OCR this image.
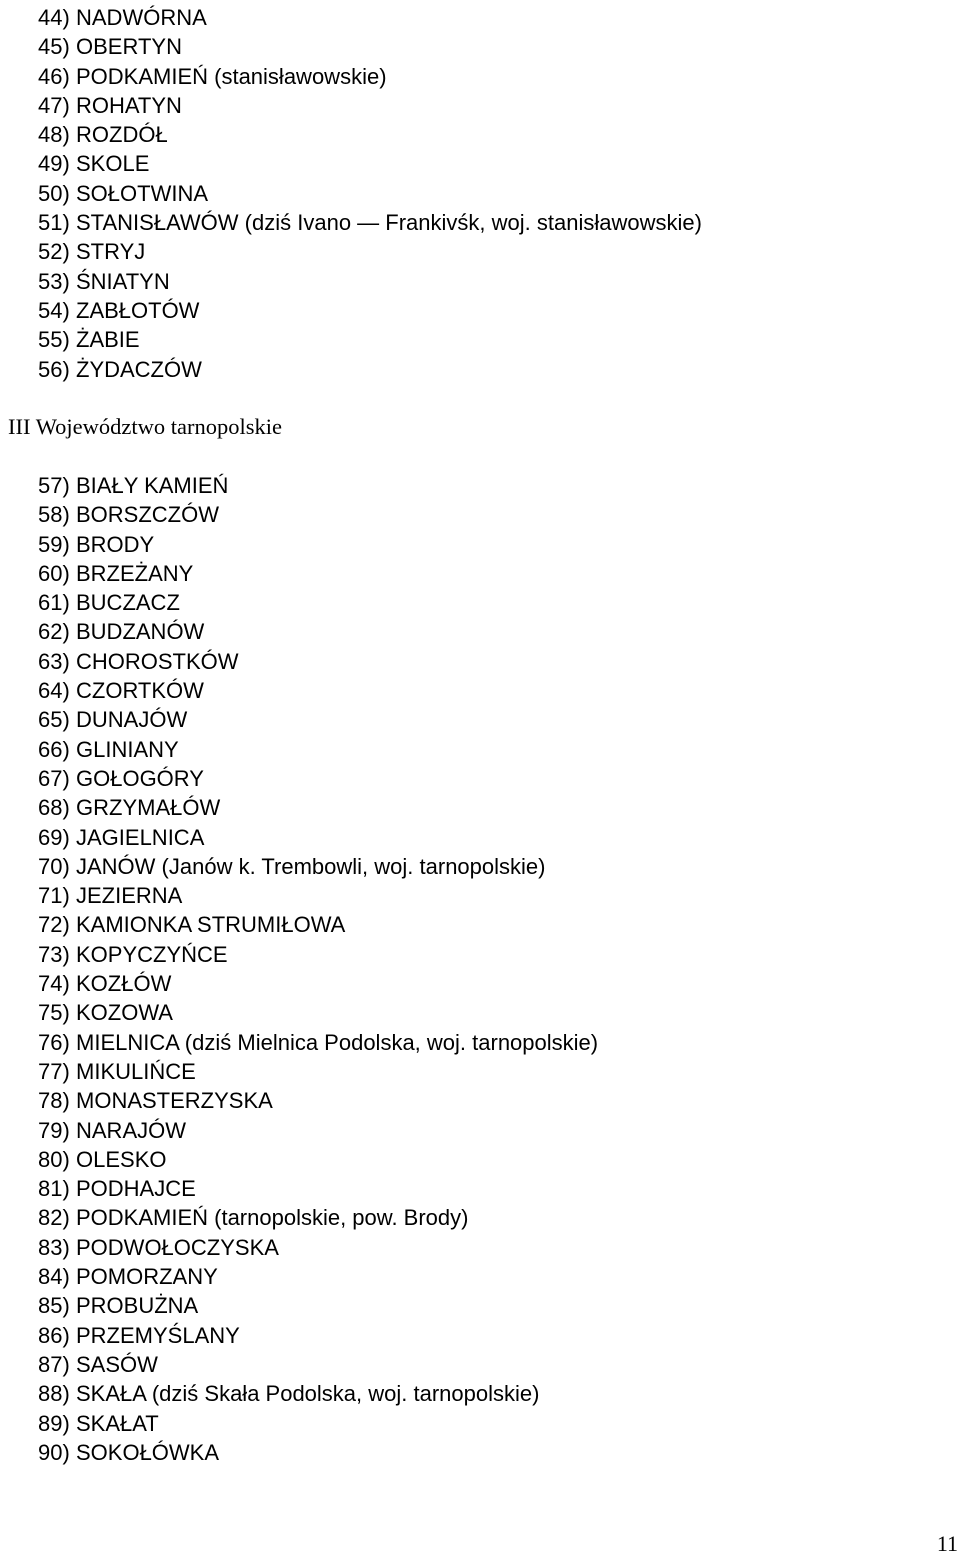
44) NADWÓRNA
45) OBERTYN
46) PODKAMIEŃ (stanisławowskie)
47) ROHATYN
48) ROZDÓŁ
49) SKOLE
50) SOŁOTWINA
51) STANISŁAWÓW (dziś Ivano — Frankivśk, woj. stanisławowskie)
52) STRYJ
53) ŚNIATYN
54) ZABŁOTÓW
55) ŻABIE
56) ŻYDACZÓW
III Województwo tarnopolskie
57) BIAŁY KAMIEŃ
58) BORSZCZÓW
59) BRODY
60) BRZEŻANY
61) BUCZACZ
62) BUDZANÓW
63) CHOROSTKÓW
64) CZORTKÓW
65) DUNAJÓW
66) GLINIANY
67) GOŁOGÓRY
68) GRZYMAŁÓW
69) JAGIELNICA
70) JANÓW (Janów k. Trembowli, woj. tarnopolskie)
71) JEZIERNA
72) KAMIONKA STRUMIŁOWA
73) KOPYCZYŃCE
74) KOZŁÓW
75) KOZOWA
76) MIELNICA (dziś Mielnica Podolska, woj. tarnopolskie)
77) MIKULIŃCE
78) MONASTERZYSKA
79) NARAJÓW
80) OLESKO
81) PODHAJCE
82) PODKAMIEŃ (tarnopolskie, pow. Brody)
83) PODWOŁOCZYSKA
84) POMORZANY
85) PROBUŻNA
86) PRZEMYŚLANY
87) SASÓW
88) SKAŁA (dziś Skała Podolska, woj. tarnopolskie)
89) SKAŁAT
90) SOKOŁÓWKA
11
